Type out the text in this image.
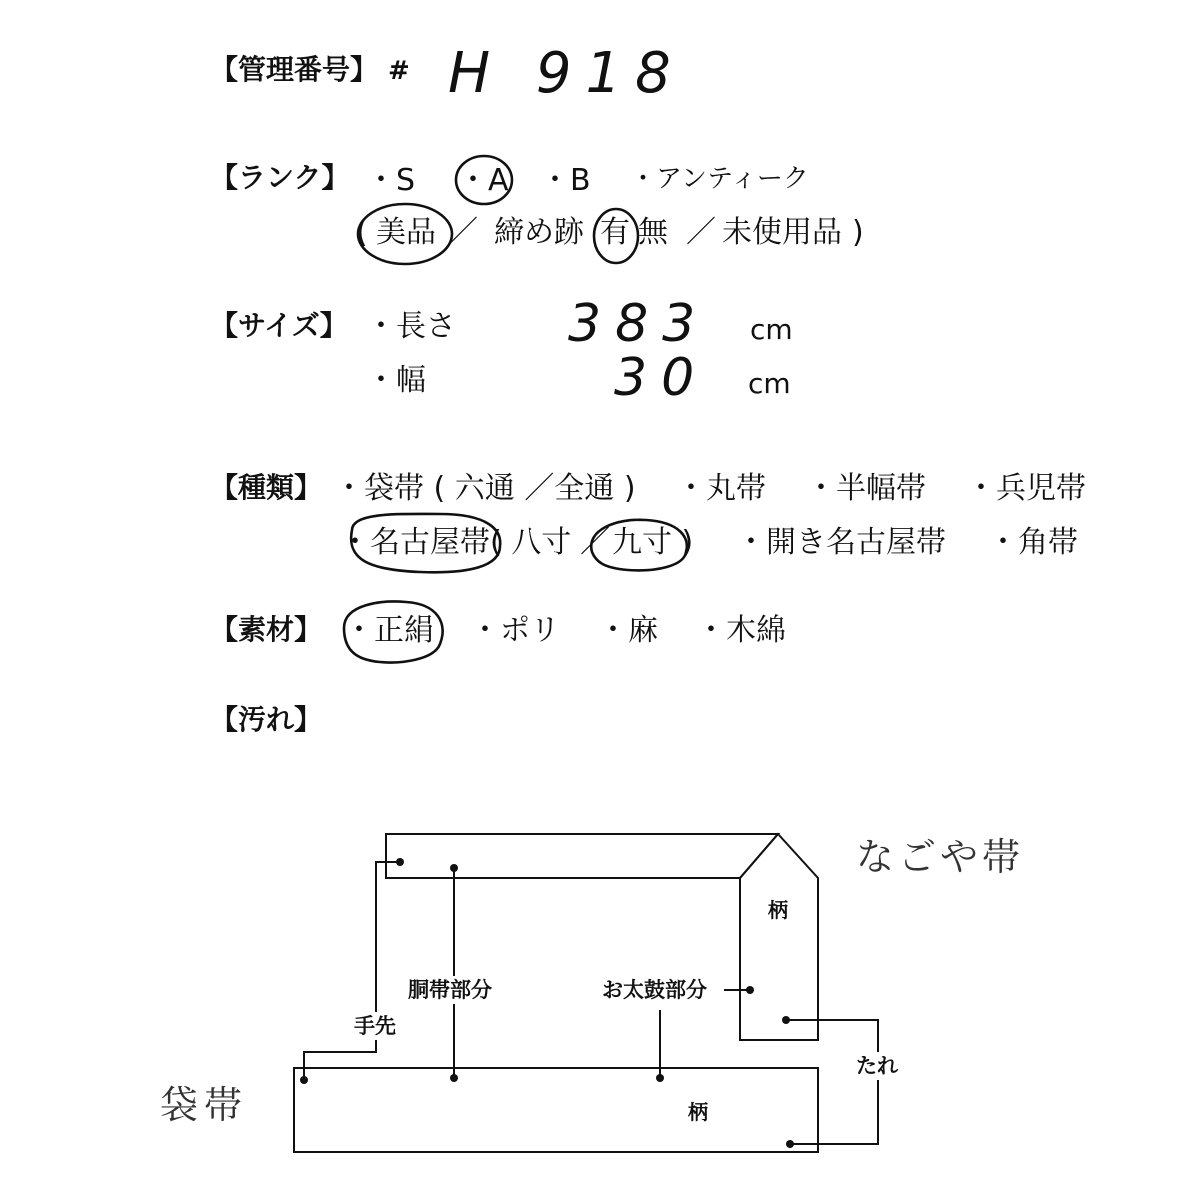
【管理番号】 # H 918
【ランク】 ・S ・A ・B ・アンティーク
( 美品 ／ 締め跡 有 無 ／ 未使用品 )
【サイズ】 ・長さ 383 cm
・幅	30 cm
【種類】 ・袋帯 ( 六通 ／全通 ) ・丸帯 ・半幅帯 ・兵児帯
・名古屋帯 ( 八寸 ／ 九寸 ) ・開き名古屋帯 ・角帯
【素材】 ・正絹 ・ポリ ・麻 ・木綿
【汚れ】
なごや帯
袋帯
柄
柄
胴帯部分	お太鼓部分
手先
たれ
